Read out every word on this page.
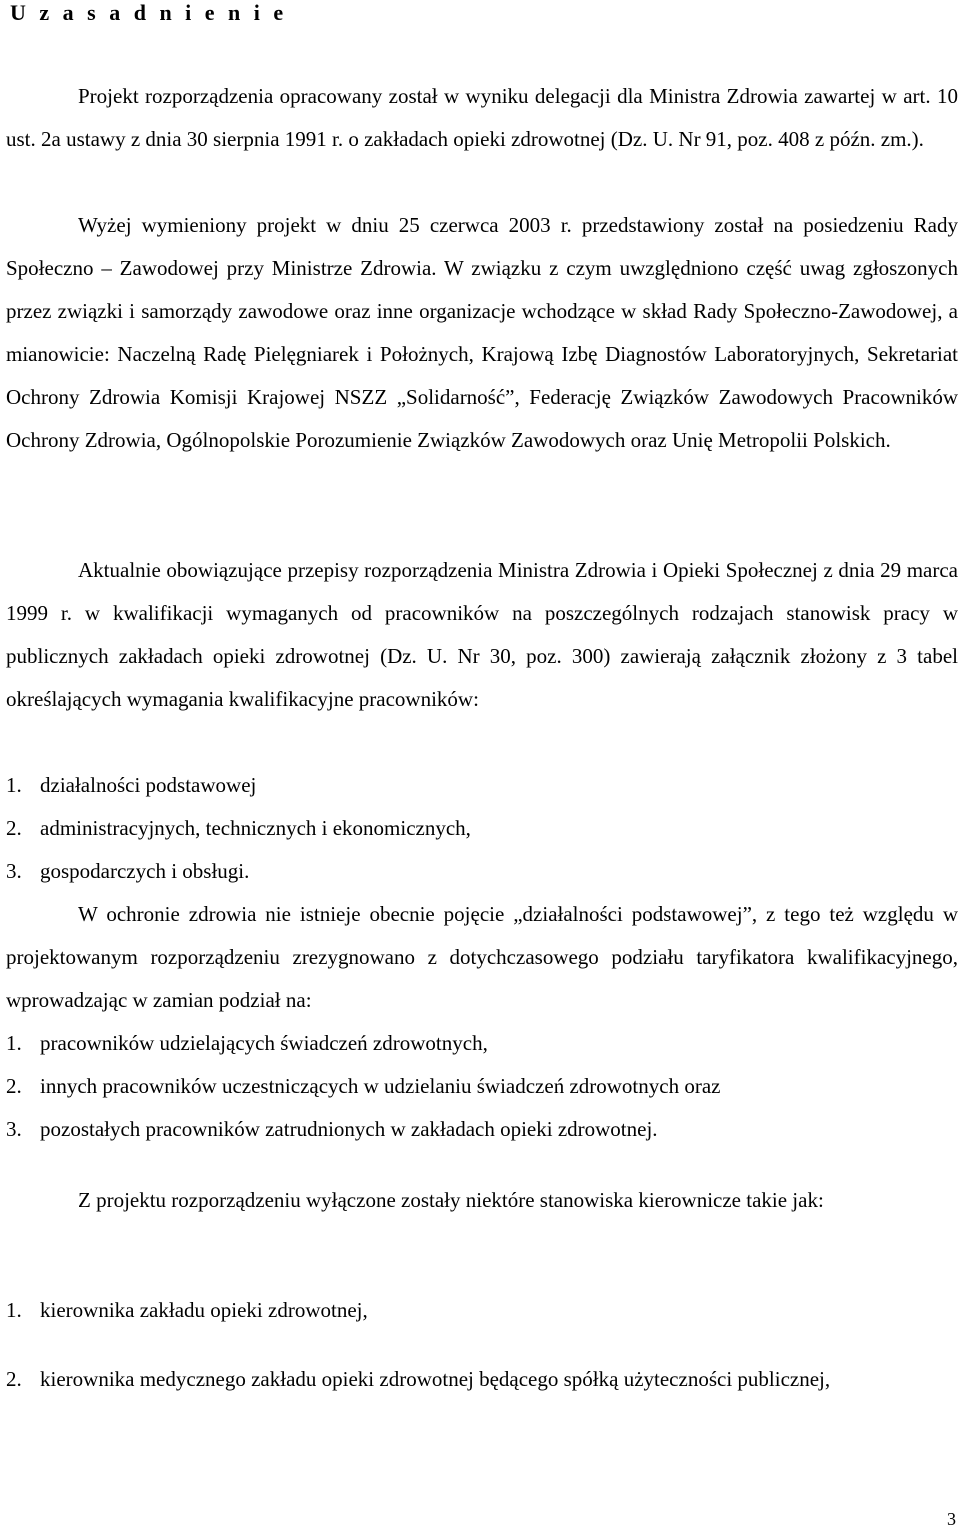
U z a s a d n i e n i e

Projekt rozporządzenia opracowany został w wyniku delegacji dla Ministra Zdrowia zawartej w art. 10 ust. 2a ustawy z dnia 30 sierpnia 1991 r. o zakładach opieki zdrowotnej (Dz. U. Nr 91, poz. 408 z późn. zm.).

Wyżej wymieniony projekt w dniu 25 czerwca 2003 r. przedstawiony został na posiedzeniu Rady Społeczno – Zawodowej przy Ministrze Zdrowia. W związku z czym uwzględniono część uwag zgłoszonych przez związki i samorządy zawodowe oraz inne organizacje wchodzące w skład Rady Społeczno-Zawodowej, a mianowicie: Naczelną Radę Pielęgniarek i Położnych, Krajową Izbę Diagnostów Laboratoryjnych, Sekretariat Ochrony Zdrowia Komisji Krajowej NSZZ „Solidarność”, Federację Związków Zawodowych Pracowników Ochrony Zdrowia, Ogólnopolskie Porozumienie Związków Zawodowych oraz Unię Metropolii Polskich.

Aktualnie obowiązujące przepisy rozporządzenia Ministra Zdrowia i Opieki Społecznej z dnia 29 marca 1999 r. w kwalifikacji wymaganych od pracowników na poszczególnych rodzajach stanowisk pracy w publicznych zakładach opieki zdrowotnej (Dz. U. Nr 30, poz. 300) zawierają załącznik złożony z 3 tabel określających wymagania kwalifikacyjne pracowników:

1. działalności podstawowej
2. administracyjnych, technicznych i ekonomicznych,
3. gospodarczych i obsługi.

W ochronie zdrowia nie istnieje obecnie pojęcie „działalności podstawowej”, z tego też względu w projektowanym rozporządzeniu zrezygnowano z dotychczasowego podziału taryfikatora kwalifikacyjnego, wprowadzając w zamian podział na:

1. pracowników udzielających świadczeń zdrowotnych,
2. innych pracowników uczestniczących w udzielaniu świadczeń zdrowotnych oraz
3. pozostałych pracowników zatrudnionych w zakładach opieki zdrowotnej.

Z projektu rozporządzeniu wyłączone zostały niektóre stanowiska kierownicze takie jak:

1. kierownika zakładu opieki zdrowotnej,
2. kierownika medycznego zakładu opieki zdrowotnej będącego spółką użyteczności publicznej,
3
